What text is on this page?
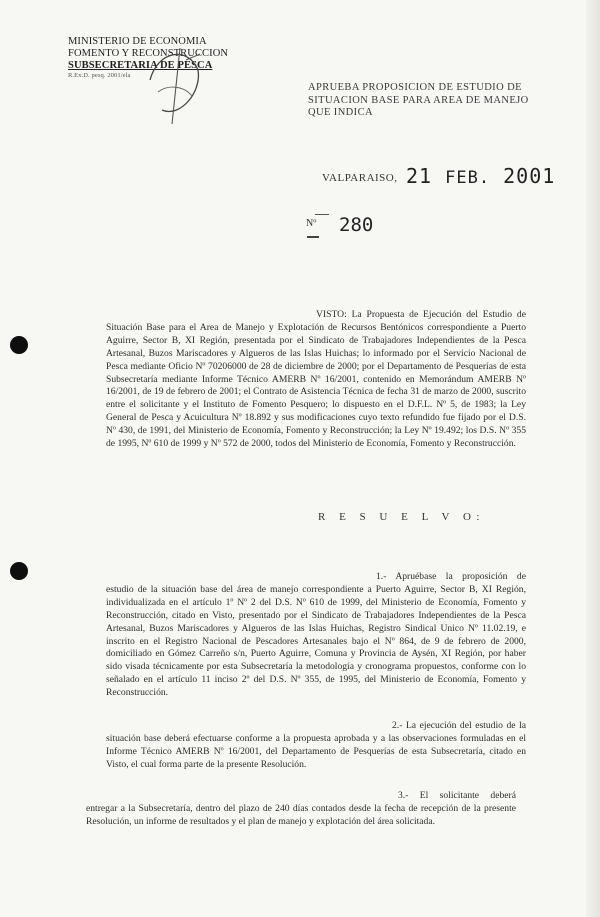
MINISTERIO DE ECONOMIA
FOMENTO Y RECONSTRUCCION
SUBSECRETARIA DE PESCA
R.Ex.D. pesq. 2001/ela
APRUEBA PROPOSICION DE ESTUDIO DE SITUACION BASE PARA AREA DE MANEJO QUE INDICA
VALPARAISO, 21 FEB. 2001
Nº 280
VISTO: La Propuesta de Ejecución del Estudio de Situación Base para el Area de Manejo y Explotación de Recursos Bentónicos correspondiente a Puerto Aguirre, Sector B, XI Región, presentada por el Sindicato de Trabajadores Independientes de la Pesca Artesanal, Buzos Mariscadores y Algueros de las Islas Huichas; lo informado por el Servicio Nacional de Pesca mediante Oficio Nº 70206000 de 28 de diciembre de 2000; por el Departamento de Pesquerías de esta Subsecretaría mediante Informe Técnico AMERB Nº 16/2001, contenido en Memorándum AMERB Nº 16/2001, de 19 de febrero de 2001; el Contrato de Asistencia Técnica de fecha 31 de marzo de 2000, suscrito entre el solicitante y el Instituto de Fomento Pesquero; lo dispuesto en el D.F.L. Nº 5, de 1983; la Ley General de Pesca y Acuicultura Nº 18.892 y sus modificaciones cuyo texto refundido fue fijado por el D.S. Nº 430, de 1991, del Ministerio de Economía, Fomento y Reconstrucción; la Ley Nº 19.492; los D.S. Nº 355 de 1995, Nº 610 de 1999 y Nº 572 de 2000, todos del Ministerio de Economía, Fomento y Reconstrucción.
R E S U E L V O:
1.- Apruébase la proposición de estudio de la situación base del área de manejo correspondiente a Puerto Aguirre, Sector B, XI Región, individualizada en el artículo 1º Nº 2 del D.S. Nº 610 de 1999, del Ministerio de Economía, Fomento y Reconstrucción, citado en Visto, presentado por el Sindicato de Trabajadores Independientes de la Pesca Artesanal, Buzos Mariscadores y Algueros de las Islas Huichas, Registro Sindical Unico Nº 11.02.19, e inscrito en el Registro Nacional de Pescadores Artesanales bajo el Nº 864, de 9 de febrero de 2000, domiciliado en Gómez Carreño s/n, Puerto Aguirre, Comuna y Provincia de Aysén, XI Región, por haber sido visada técnicamente por esta Subsecretaría la metodología y cronograma propuestos, conforme con lo señalado en el artículo 11 inciso 2º del D.S. Nº 355, de 1995, del Ministerio de Economía, Fomento y Reconstrucción.
2.- La ejecución del estudio de la situación base deberá efectuarse conforme a la propuesta aprobada y a las observaciones formuladas en el Informe Técnico AMERB Nº 16/2001, del Departamento de Pesquerías de esta Subsecretaría, citado en Visto, el cual forma parte de la presente Resolución.
3.- El solicitante deberá entregar a la Subsecretaría, dentro del plazo de 240 días contados desde la fecha de recepción de la presente Resolución, un informe de resultados y el plan de manejo y explotación del área solicitada.
